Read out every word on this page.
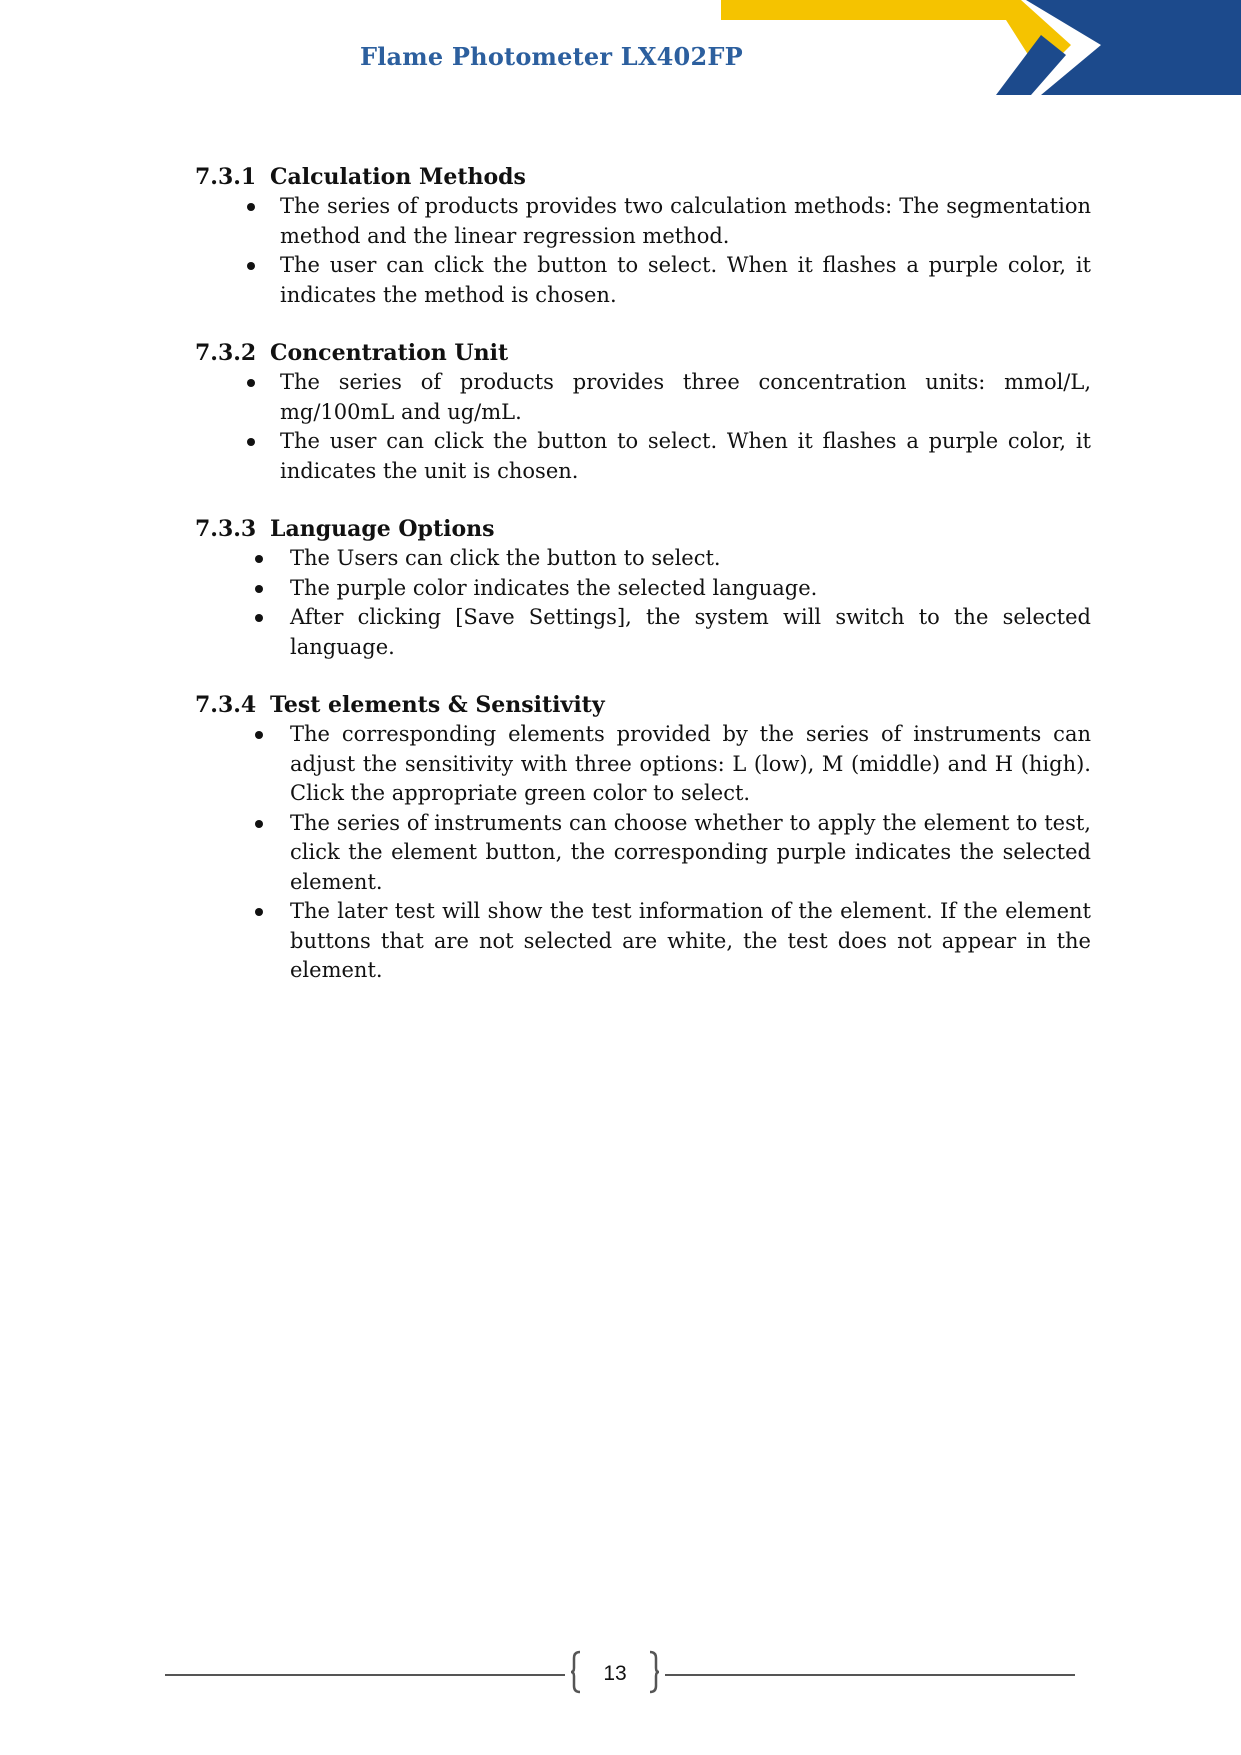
Flame Photometer LX402FP
7.3.1 Calculation Methods
The series of products provides two calculation methods: The segmentation method and the linear regression method.
The user can click the button to select. When it flashes a purple color, it indicates the method is chosen.
7.3.2 Concentration Unit
The series of products provides three concentration units: mmol/L, mg/100mL and ug/mL.
The user can click the button to select. When it flashes a purple color, it indicates the unit is chosen.
7.3.3 Language Options
The Users can click the button to select.
The purple color indicates the selected language.
After clicking [Save Settings], the system will switch to the selected language.
7.3.4 Test elements & Sensitivity
The corresponding elements provided by the series of instruments can adjust the sensitivity with three options: L (low), M (middle) and H (high). Click the appropriate green color to select.
The series of instruments can choose whether to apply the element to test, click the element button, the corresponding purple indicates the selected element.
The later test will show the test information of the element. If the element buttons that are not selected are white, the test does not appear in the element.
13
